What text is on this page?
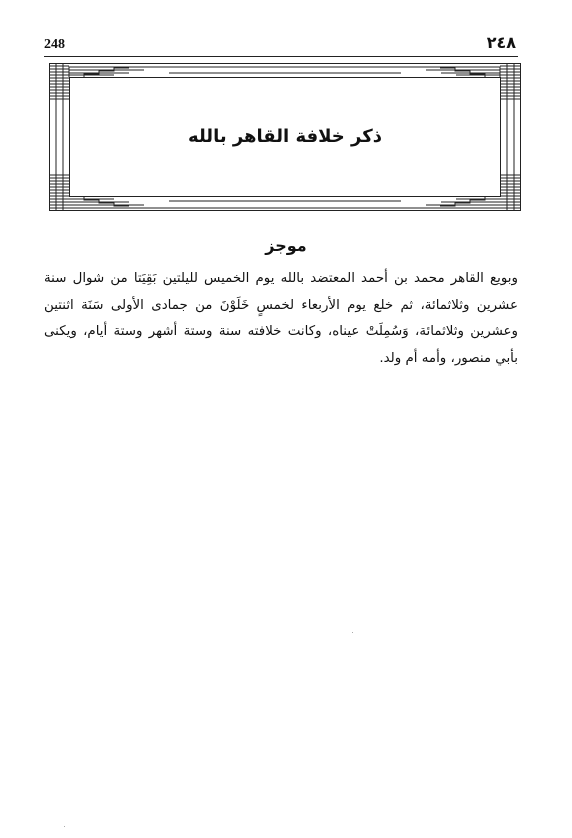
248	٢٤٨
ذكر خلافة القاهر بالله
موجز
وبويع القاهر محمد بن أحمد المعتضد بالله يوم الخميس لليلتين بَقِيَتا من شوال سنة
عشرين وثلاثمائة، ثم خلع يوم الأربعاء لخمسٍ خَلَوْنَ من جمادى الأولى سَنَة اثنتين
وعشرين وثلاثمائة، وَسُمِلَتْ عيناه، وكانت خلافته سنة وستة أشهر وستة أيام، ويكنى
بأبي منصور، وأمه أم ولد.
